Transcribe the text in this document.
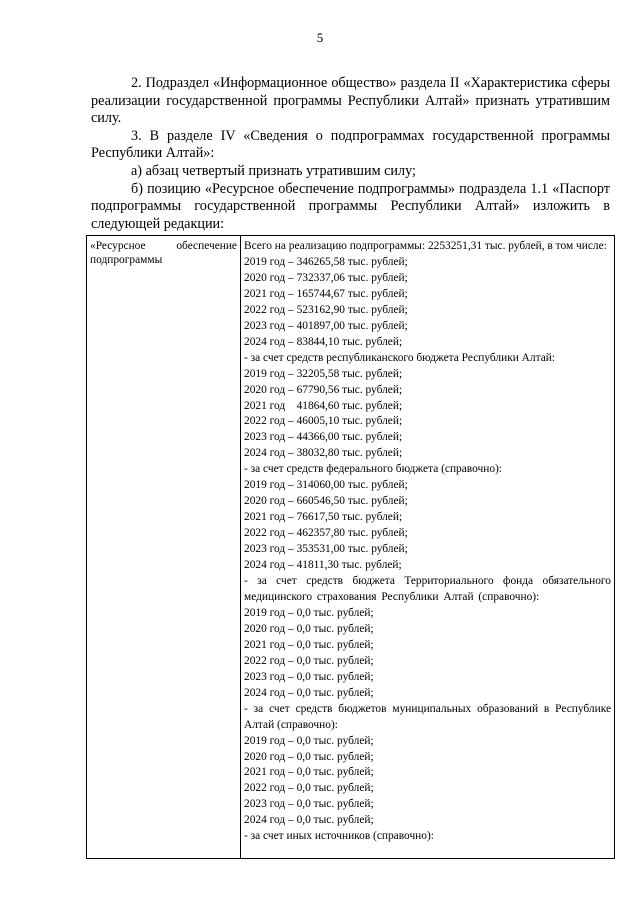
5

2. Подраздел «Информационное общество» раздела II «Характеристика сферы реализации государственной программы Республики Алтай» признать утратившим силу.

3. В разделе IV «Сведения о подпрограммах государственной программы Республики Алтай»:

а) абзац четвертый признать утратившим силу;

б) позицию «Ресурсное обеспечение подпрограммы» подраздела 1.1 «Паспорт подпрограммы государственной программы Республики Алтай» изложить в следующей редакции:

«Ресурсное обеспечение подпрограммы
Всего на реализацию подпрограммы: 2253251,31 тыс. рублей, в том числе:
2019 год – 346265,58 тыс. рублей;
2020 год – 732337,06 тыс. рублей;
2021 год – 165744,67 тыс. рублей;
2022 год – 523162,90 тыс. рублей;
2023 год – 401897,00 тыс. рублей;
2024 год – 83844,10 тыс. рублей;
- за счет средств республиканского бюджета Республики Алтай:
2019 год – 32205,58 тыс. рублей;
2020 год – 67790,56 тыс. рублей;
2021 год    41864,60 тыс. рублей;
2022 год – 46005,10 тыс. рублей;
2023 год – 44366,00 тыс. рублей;
2024 год – 38032,80 тыс. рублей;
- за счет средств федерального бюджета (справочно):
2019 год – 314060,00 тыс. рублей;
2020 год – 660546,50 тыс. рублей;
2021 год – 76617,50 тыс. рублей;
2022 год – 462357,80 тыс. рублей;
2023 год – 353531,00 тыс. рублей;
2024 год – 41811,30 тыс. рублей;
- за счет средств бюджета Территориального фонда обязательного медицинского страхования Республики Алтай (справочно):
2019 год – 0,0 тыс. рублей;
2020 год – 0,0 тыс. рублей;
2021 год – 0,0 тыс. рублей;
2022 год – 0,0 тыс. рублей;
2023 год – 0,0 тыс. рублей;
2024 год – 0,0 тыс. рублей;
- за счет средств бюджетов муниципальных образований в Республике Алтай (справочно):
2019 год – 0,0 тыс. рублей;
2020 год – 0,0 тыс. рублей;
2021 год – 0,0 тыс. рублей;
2022 год – 0,0 тыс. рублей;
2023 год – 0,0 тыс. рублей;
2024 год – 0,0 тыс. рублей;
- за счет иных источников (справочно):
